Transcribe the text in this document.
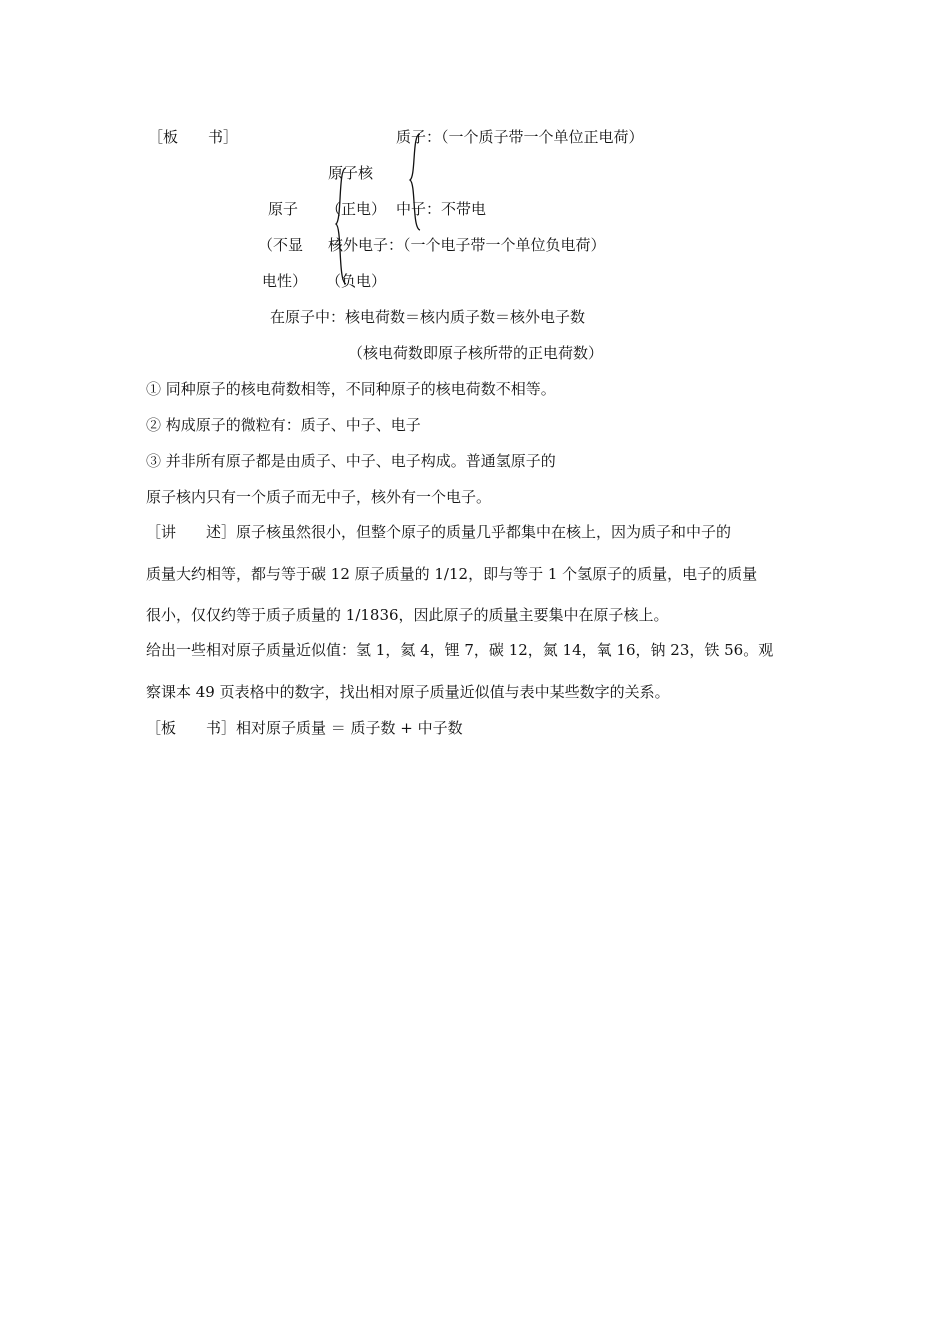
［板　　书］	质子：（一个质子带一个单位正电荷）
原子核
原子 （正电） 中子：不带电
（不显 核外电子：（一个电子带一个单位负电荷）
电性） （负电）
在原子中：核电荷数＝核内质子数＝核外电子数
（核电荷数即原子核所带的正电荷数）
① 同种原子的核电荷数相等，不同种原子的核电荷数不相等。
② 构成原子的微粒有：质子、中子、电子
③ 并非所有原子都是由质子、中子、电子构成。普通氢原子的
原子核内只有一个质子而无中子，核外有一个电子。
［讲　　述］原子核虽然很小，但整个原子的质量几乎都集中在核上，因为质子和中子的
质量大约相等，都与等于碳 12 原子质量的 1/12，即与等于 1 个氢原子的质量，电子的质量
很小，仅仅约等于质子质量的 1/1836，因此原子的质量主要集中在原子核上。
给出一些相对原子质量近似值：氢 1，氦 4，锂 7，碳 12，氮 14，氧 16，钠 23，铁 56。观
察课本 49 页表格中的数字，找出相对原子质量近似值与表中某些数字的关系。
［板　　书］相对原子质量 ＝ 质子数 + 中子数
